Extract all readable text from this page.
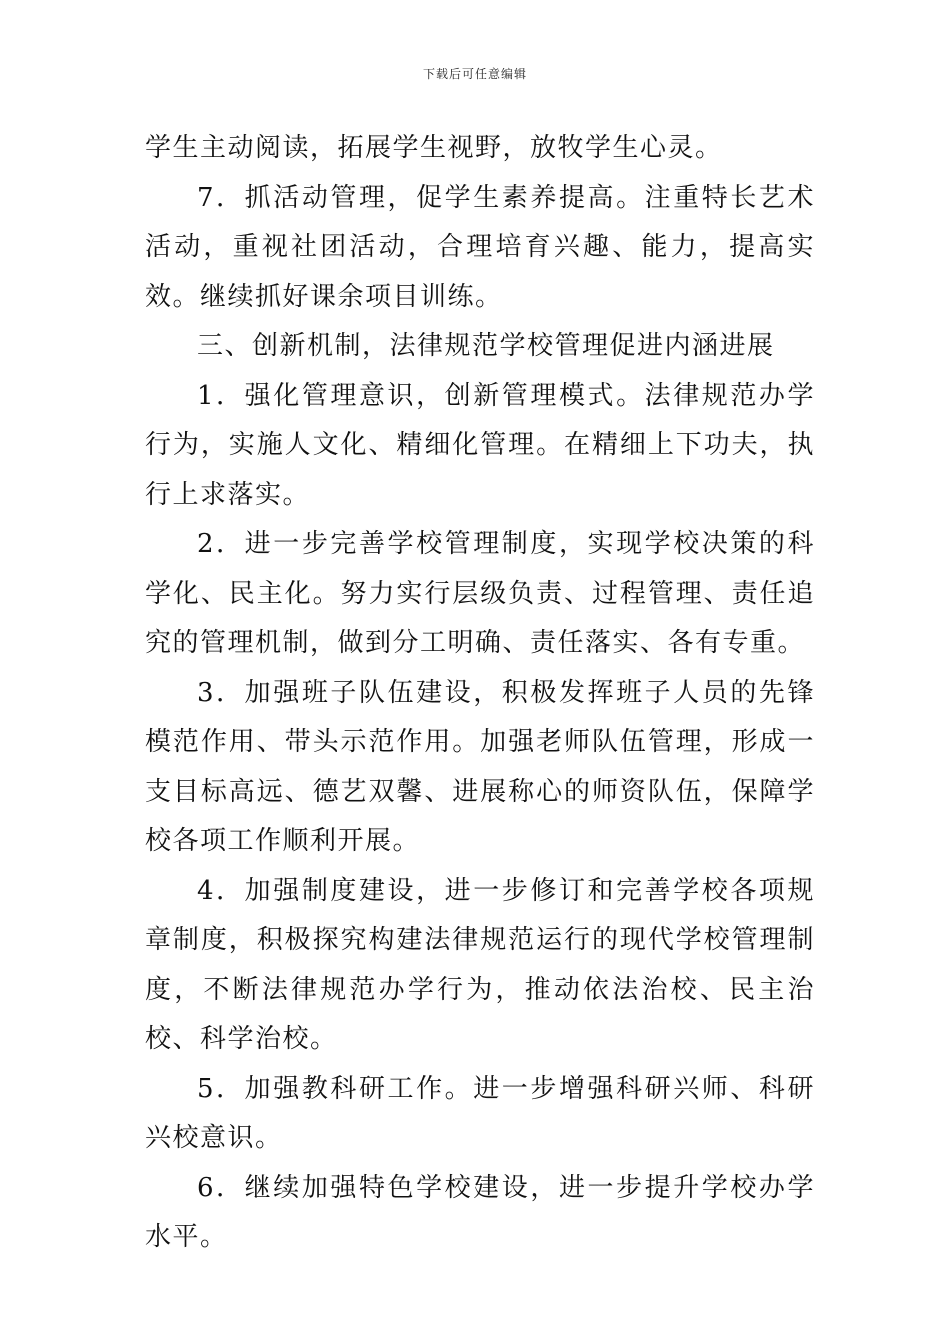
下载后可任意编辑

学生主动阅读，拓展学生视野，放牧学生心灵。

7．抓活动管理，促学生素养提高。注重特长艺术活动，重视社团活动，合理培育兴趣、能力，提高实效。继续抓好课余项目训练。

三、创新机制，法律规范学校管理促进内涵进展

1．强化管理意识，创新管理模式。法律规范办学行为，实施人文化、精细化管理。在精细上下功夫，执行上求落实。

2．进一步完善学校管理制度，实现学校决策的科学化、民主化。努力实行层级负责、过程管理、责任追究的管理机制，做到分工明确、责任落实、各有专重。

3．加强班子队伍建设，积极发挥班子人员的先锋模范作用、带头示范作用。加强老师队伍管理，形成一支目标高远、德艺双馨、进展称心的师资队伍，保障学校各项工作顺利开展。

4．加强制度建设，进一步修订和完善学校各项规章制度，积极探究构建法律规范运行的现代学校管理制度，不断法律规范办学行为，推动依法治校、民主治校、科学治校。

5．加强教科研工作。进一步增强科研兴师、科研兴校意识。

6．继续加强特色学校建设，进一步提升学校办学水平。
